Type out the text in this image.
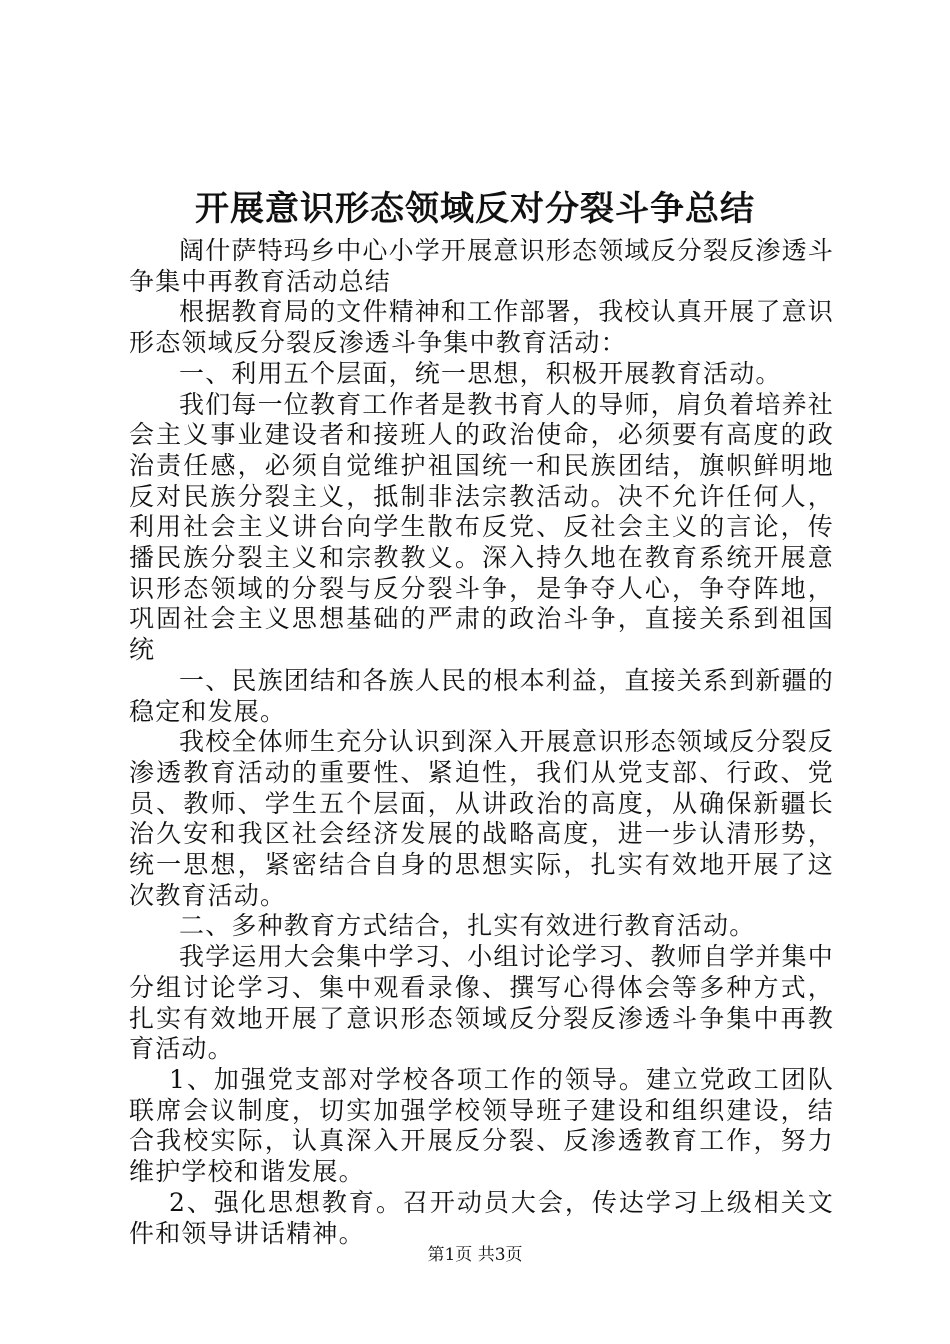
开展意识形态领域反对分裂斗争总结

阔什萨特玛乡中心小学开展意识形态领域反分裂反渗透斗争集中再教育活动总结

根据教育局的文件精神和工作部署，我校认真开展了意识形态领域反分裂反渗透斗争集中教育活动：

一、利用五个层面，统一思想，积极开展教育活动。

我们每一位教育工作者是教书育人的导师，肩负着培养社会主义事业建设者和接班人的政治使命，必须要有高度的政治责任感，必须自觉维护祖国统一和民族团结，旗帜鲜明地反对民族分裂主义，抵制非法宗教活动。决不允许任何人，利用社会主义讲台向学生散布反党、反社会主义的言论，传播民族分裂主义和宗教教义。深入持久地在教育系统开展意识形态领域的分裂与反分裂斗争，是争夺人心，争夺阵地，巩固社会主义思想基础的严肃的政治斗争，直接关系到祖国统

一、民族团结和各族人民的根本利益，直接关系到新疆的稳定和发展。

我校全体师生充分认识到深入开展意识形态领域反分裂反渗透教育活动的重要性、紧迫性，我们从党支部、行政、党员、教师、学生五个层面，从讲政治的高度，从确保新疆长治久安和我区社会经济发展的战略高度，进一步认清形势，统一思想，紧密结合自身的思想实际，扎实有效地开展了这次教育活动。

二、多种教育方式结合，扎实有效进行教育活动。

我学运用大会集中学习、小组讨论学习、教师自学并集中分组讨论学习、集中观看录像、撰写心得体会等多种方式，扎实有效地开展了意识形态领域反分裂反渗透斗争集中再教育活动。

1、加强党支部对学校各项工作的领导。建立党政工团队联席会议制度，切实加强学校领导班子建设和组织建设，结合我校实际，认真深入开展反分裂、反渗透教育工作，努力维护学校和谐发展。

2、强化思想教育。召开动员大会，传达学习上级相关文件和领导讲话精神。

第1页 共3页
